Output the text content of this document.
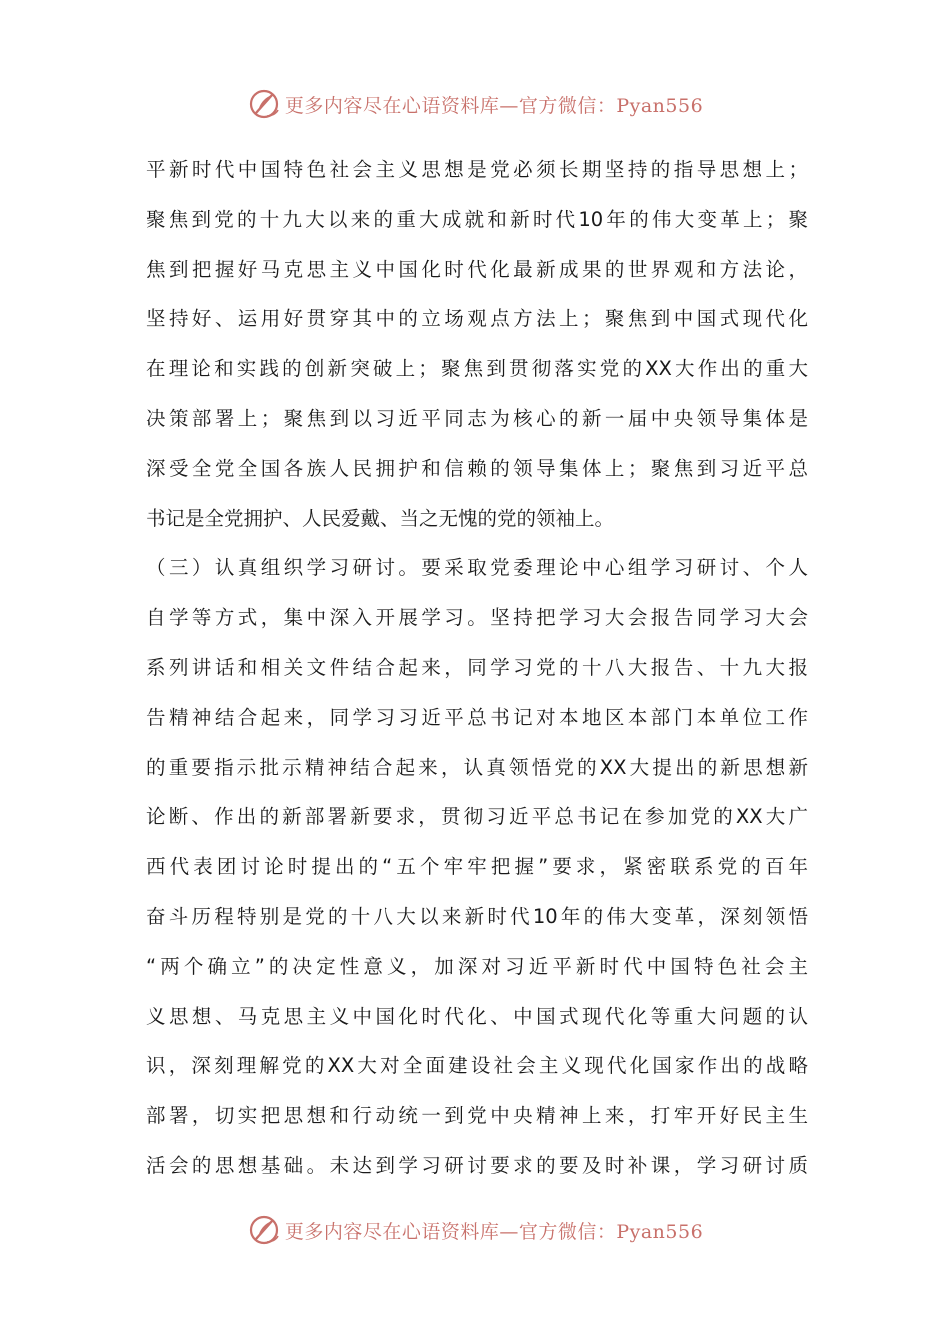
更多内容尽在心语资料库—官方微信：Pyan556
平新时代中国特色社会主义思想是党必须长期坚持的指导思想上；
聚焦到党的十九大以来的重大成就和新时代10年的伟大变革上；聚
焦到把握好马克思主义中国化时代化最新成果的世界观和方法论，
坚持好、运用好贯穿其中的立场观点方法上；聚焦到中国式现代化
在理论和实践的创新突破上；聚焦到贯彻落实党的XX大作出的重大
决策部署上；聚焦到以习近平同志为核心的新一届中央领导集体是
深受全党全国各族人民拥护和信赖的领导集体上；聚焦到习近平总
书记是全党拥护、人民爱戴、当之无愧的党的领袖上。
（三）认真组织学习研讨。要采取党委理论中心组学习研讨、个人
自学等方式，集中深入开展学习。坚持把学习大会报告同学习大会
系列讲话和相关文件结合起来，同学习党的十八大报告、十九大报
告精神结合起来，同学习习近平总书记对本地区本部门本单位工作
的重要指示批示精神结合起来，认真领悟党的XX大提出的新思想新
论断、作出的新部署新要求，贯彻习近平总书记在参加党的XX大广
西代表团讨论时提出的“五个牢牢把握”要求，紧密联系党的百年
奋斗历程特别是党的十八大以来新时代10年的伟大变革，深刻领悟
“两个确立”的决定性意义，加深对习近平新时代中国特色社会主
义思想、马克思主义中国化时代化、中国式现代化等重大问题的认
识，深刻理解党的XX大对全面建设社会主义现代化国家作出的战略
部署，切实把思想和行动统一到党中央精神上来，打牢开好民主生
活会的思想基础。未达到学习研讨要求的要及时补课，学习研讨质
更多内容尽在心语资料库—官方微信：Pyan556
